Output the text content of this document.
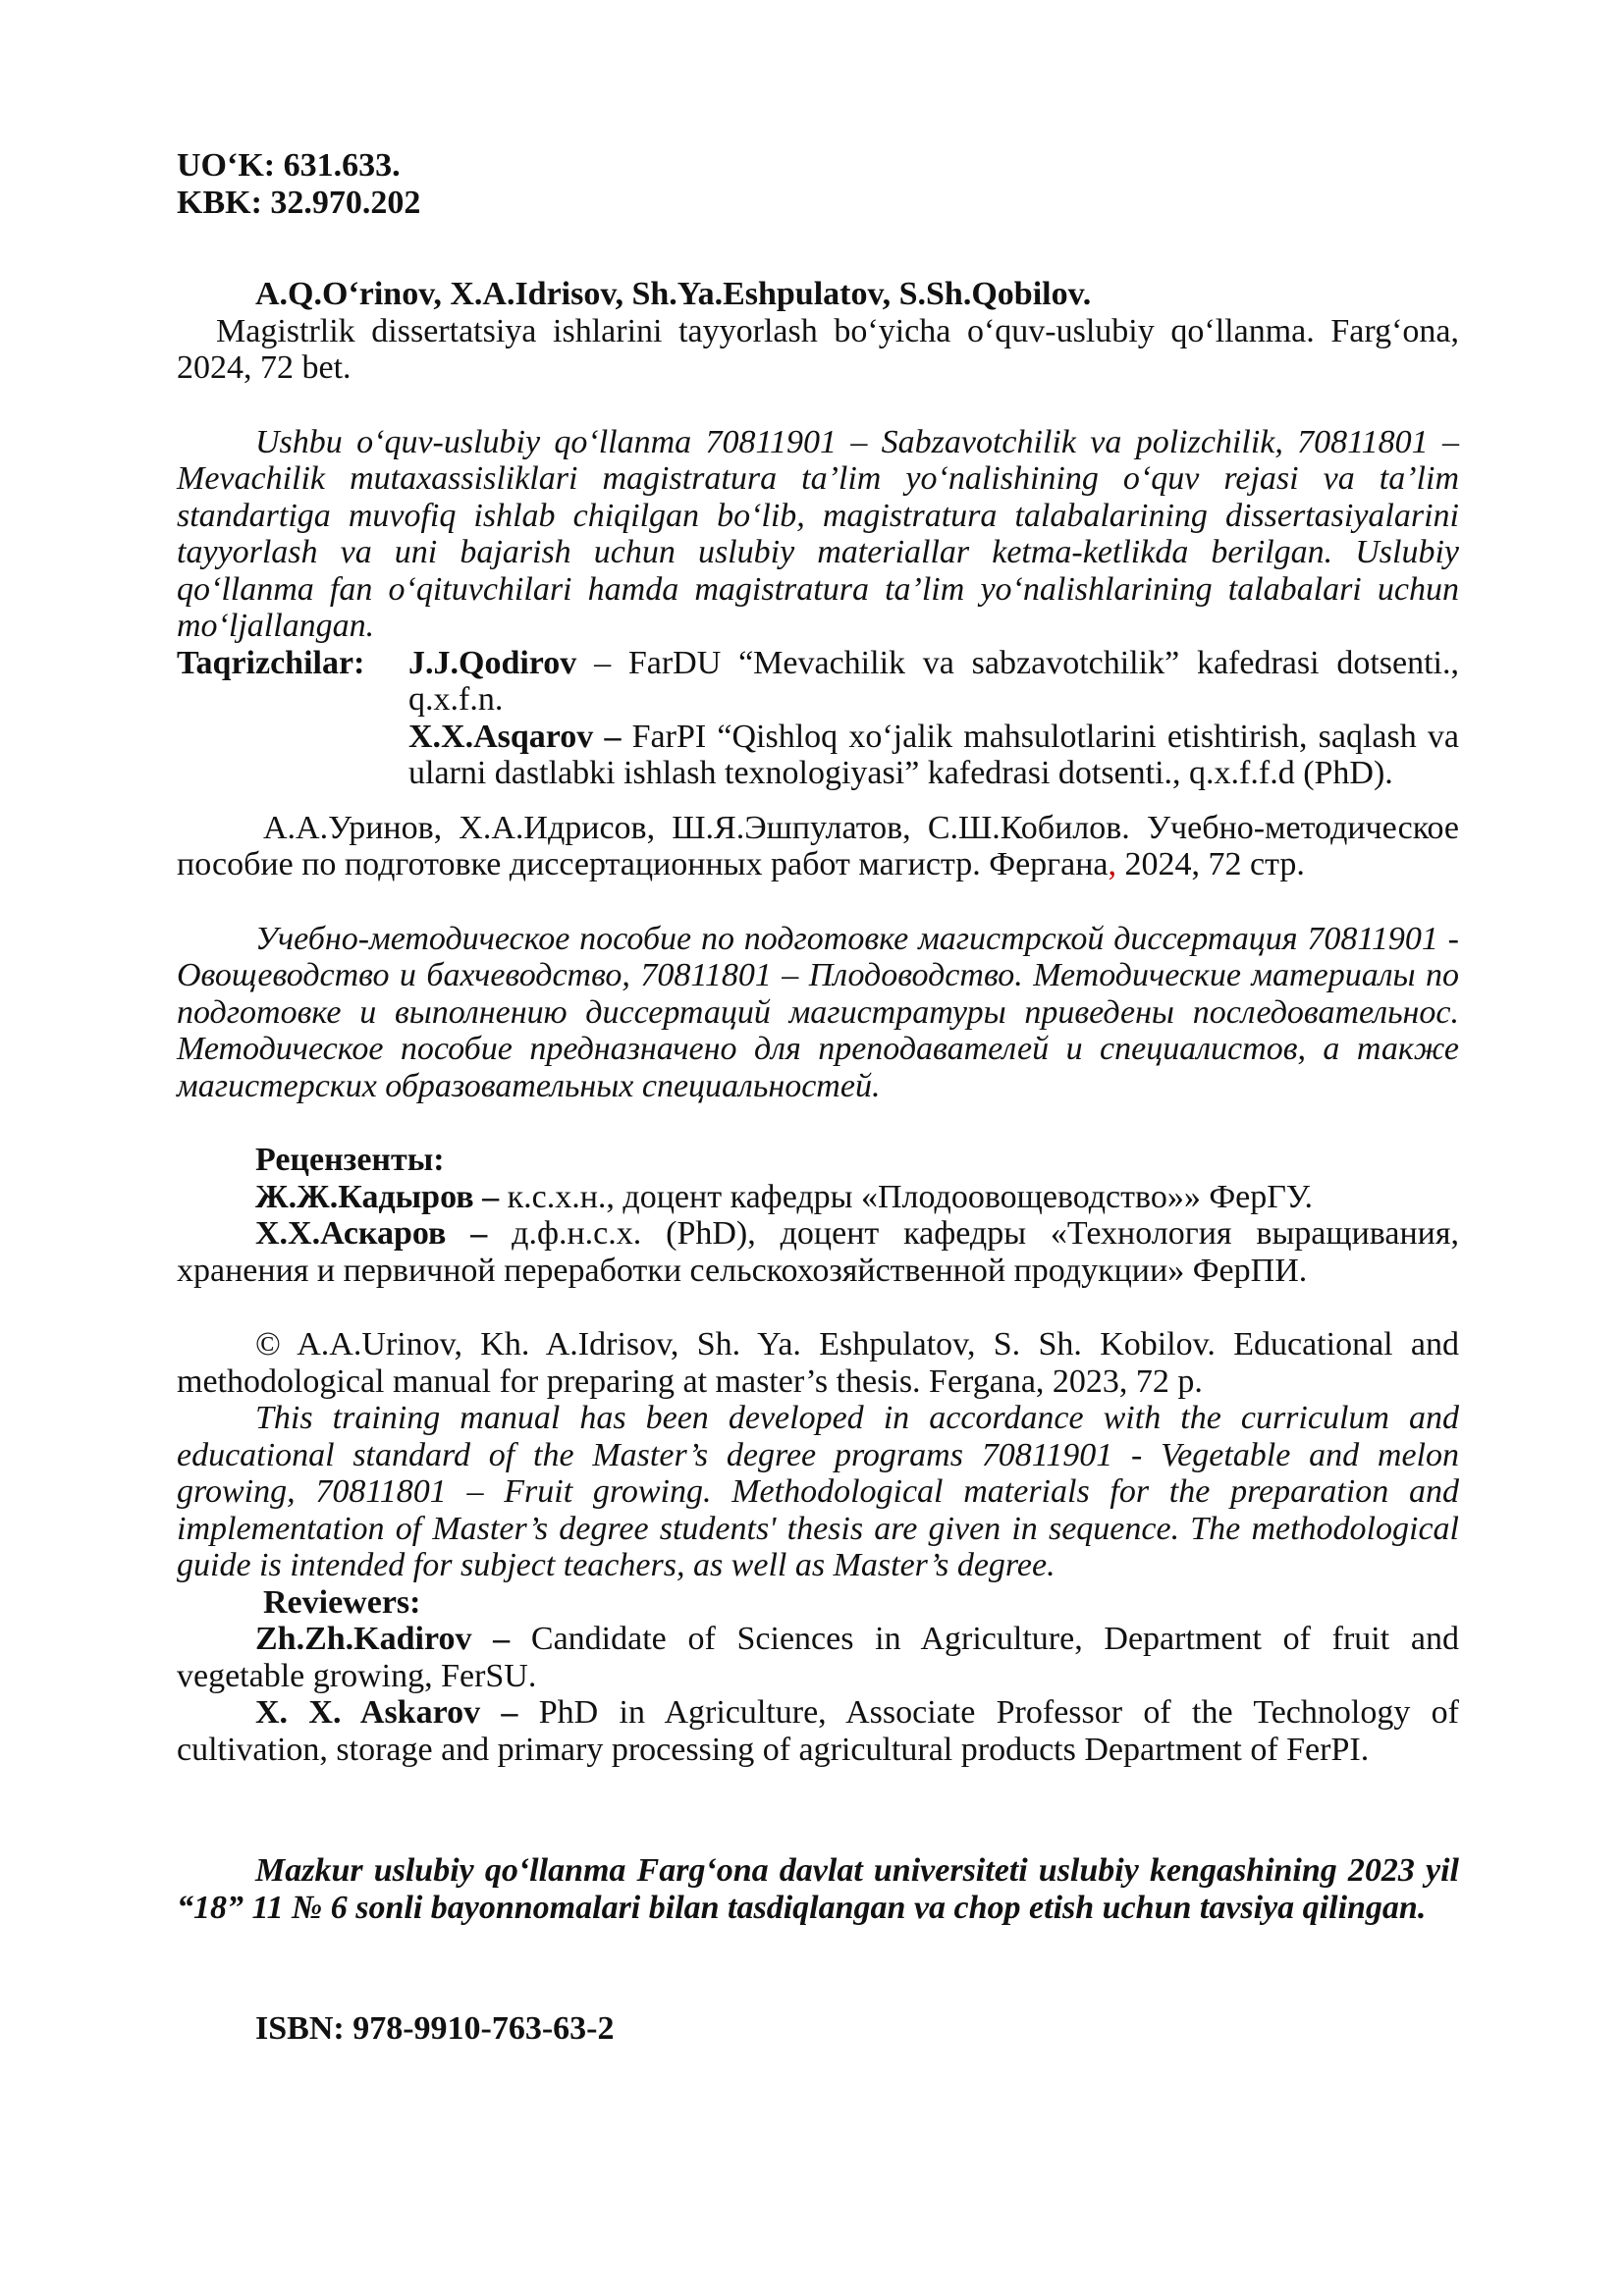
UO‘K: 631.633.

KBK: 32.970.202

A.Q.O‘rinov, X.A.Idrisov, Sh.Ya.Eshpulatov, S.Sh.Qobilov.

Magistrlik dissertatsiya ishlarini tayyorlash bo‘yicha o‘quv-uslubiy qo‘llanma. Farg‘ona, 2024, 72 bet.

Ushbu o‘quv-uslubiy qo‘llanma 70811901 – Sabzavotchilik va polizchilik, 70811801 – Mevachilik mutaxassisliklari magistratura ta’lim yo‘nalishining o‘quv rejasi va ta’lim standartiga muvofiq ishlab chiqilgan bo‘lib, magistratura talabalarining dissertasiyalarini tayyorlash va uni bajarish uchun uslubiy materiallar ketma-ketlikda berilgan. Uslubiy qo‘llanma fan o‘qituvchilari hamda magistratura ta’lim yo‘nalishlarining talabalari uchun mo‘ljallangan.

Taqrizchilar:	J.J.Qodirov – FarDU “Mevachilik va sabzavotchilik” kafedrasi dotsenti., q.x.f.n.

X.X.Asqarov – FarPI “Qishloq xo‘jalik mahsulotlarini etishtirish, saqlash va ularni dastlabki ishlash texnologiyasi” kafedrasi dotsenti., q.x.f.f.d (PhD).

А.А.Уринов, Х.А.Идрисов, Ш.Я.Эшпулатов, С.Ш.Кобилов. Учебно-методическое пособие по подготовке диссертационных работ магистр. Фергана, 2024, 72 стр.

Учебно-методическое пособие по подготовке магистрской диссертация 70811901 - Овощеводство и бахчеводство, 70811801 – Плодоводство. Методические материалы по подготовке и выполнению диссертаций магистратуры приведены последовательнос. Методическое пособие предназначено для преподавателей и специалистов, а также магистерских образовательных специальностей.

Рецензенты:

Ж.Ж.Кадыров – к.с.х.н., доцент кафедры «Плодоовощеводство»» ФерГУ.

Х.Х.Аскаров – д.ф.н.с.х. (PhD), доцент кафедры «Технология выращивания, хранения и первичной переработки сельскохозяйственной продукции» ФерПИ.

© A.A.Urinov, Kh. A.Idrisov, Sh. Ya. Eshpulatov, S. Sh. Kobilov. Educational and methodological manual for preparing at master’s thesis. Fergana, 2023, 72 p.

This training manual has been developed in accordance with the curriculum and educational standard of the Master’s degree programs 70811901 - Vegetable and melon growing, 70811801 – Fruit growing. Methodological materials for the preparation and implementation of Master’s degree students' thesis are given in sequence. The methodological guide is intended for subject teachers, as well as Master’s degree.

Reviewers:

Zh.Zh.Kadirov – Candidate of Sciences in Agriculture, Department of fruit and vegetable growing, FerSU.

X. X. Askarov – PhD in Agriculture, Associate Professor of the Technology of cultivation, storage and primary processing of agricultural products Department of FerPI.

Mazkur uslubiy qo‘llanma Farg‘ona davlat universiteti uslubiy kengashining 2023 yil “18” 11 № 6 sonli bayonnomalari bilan tasdiqlangan va chop etish uchun tavsiya qilingan.

ISBN: 978-9910-763-63-2
